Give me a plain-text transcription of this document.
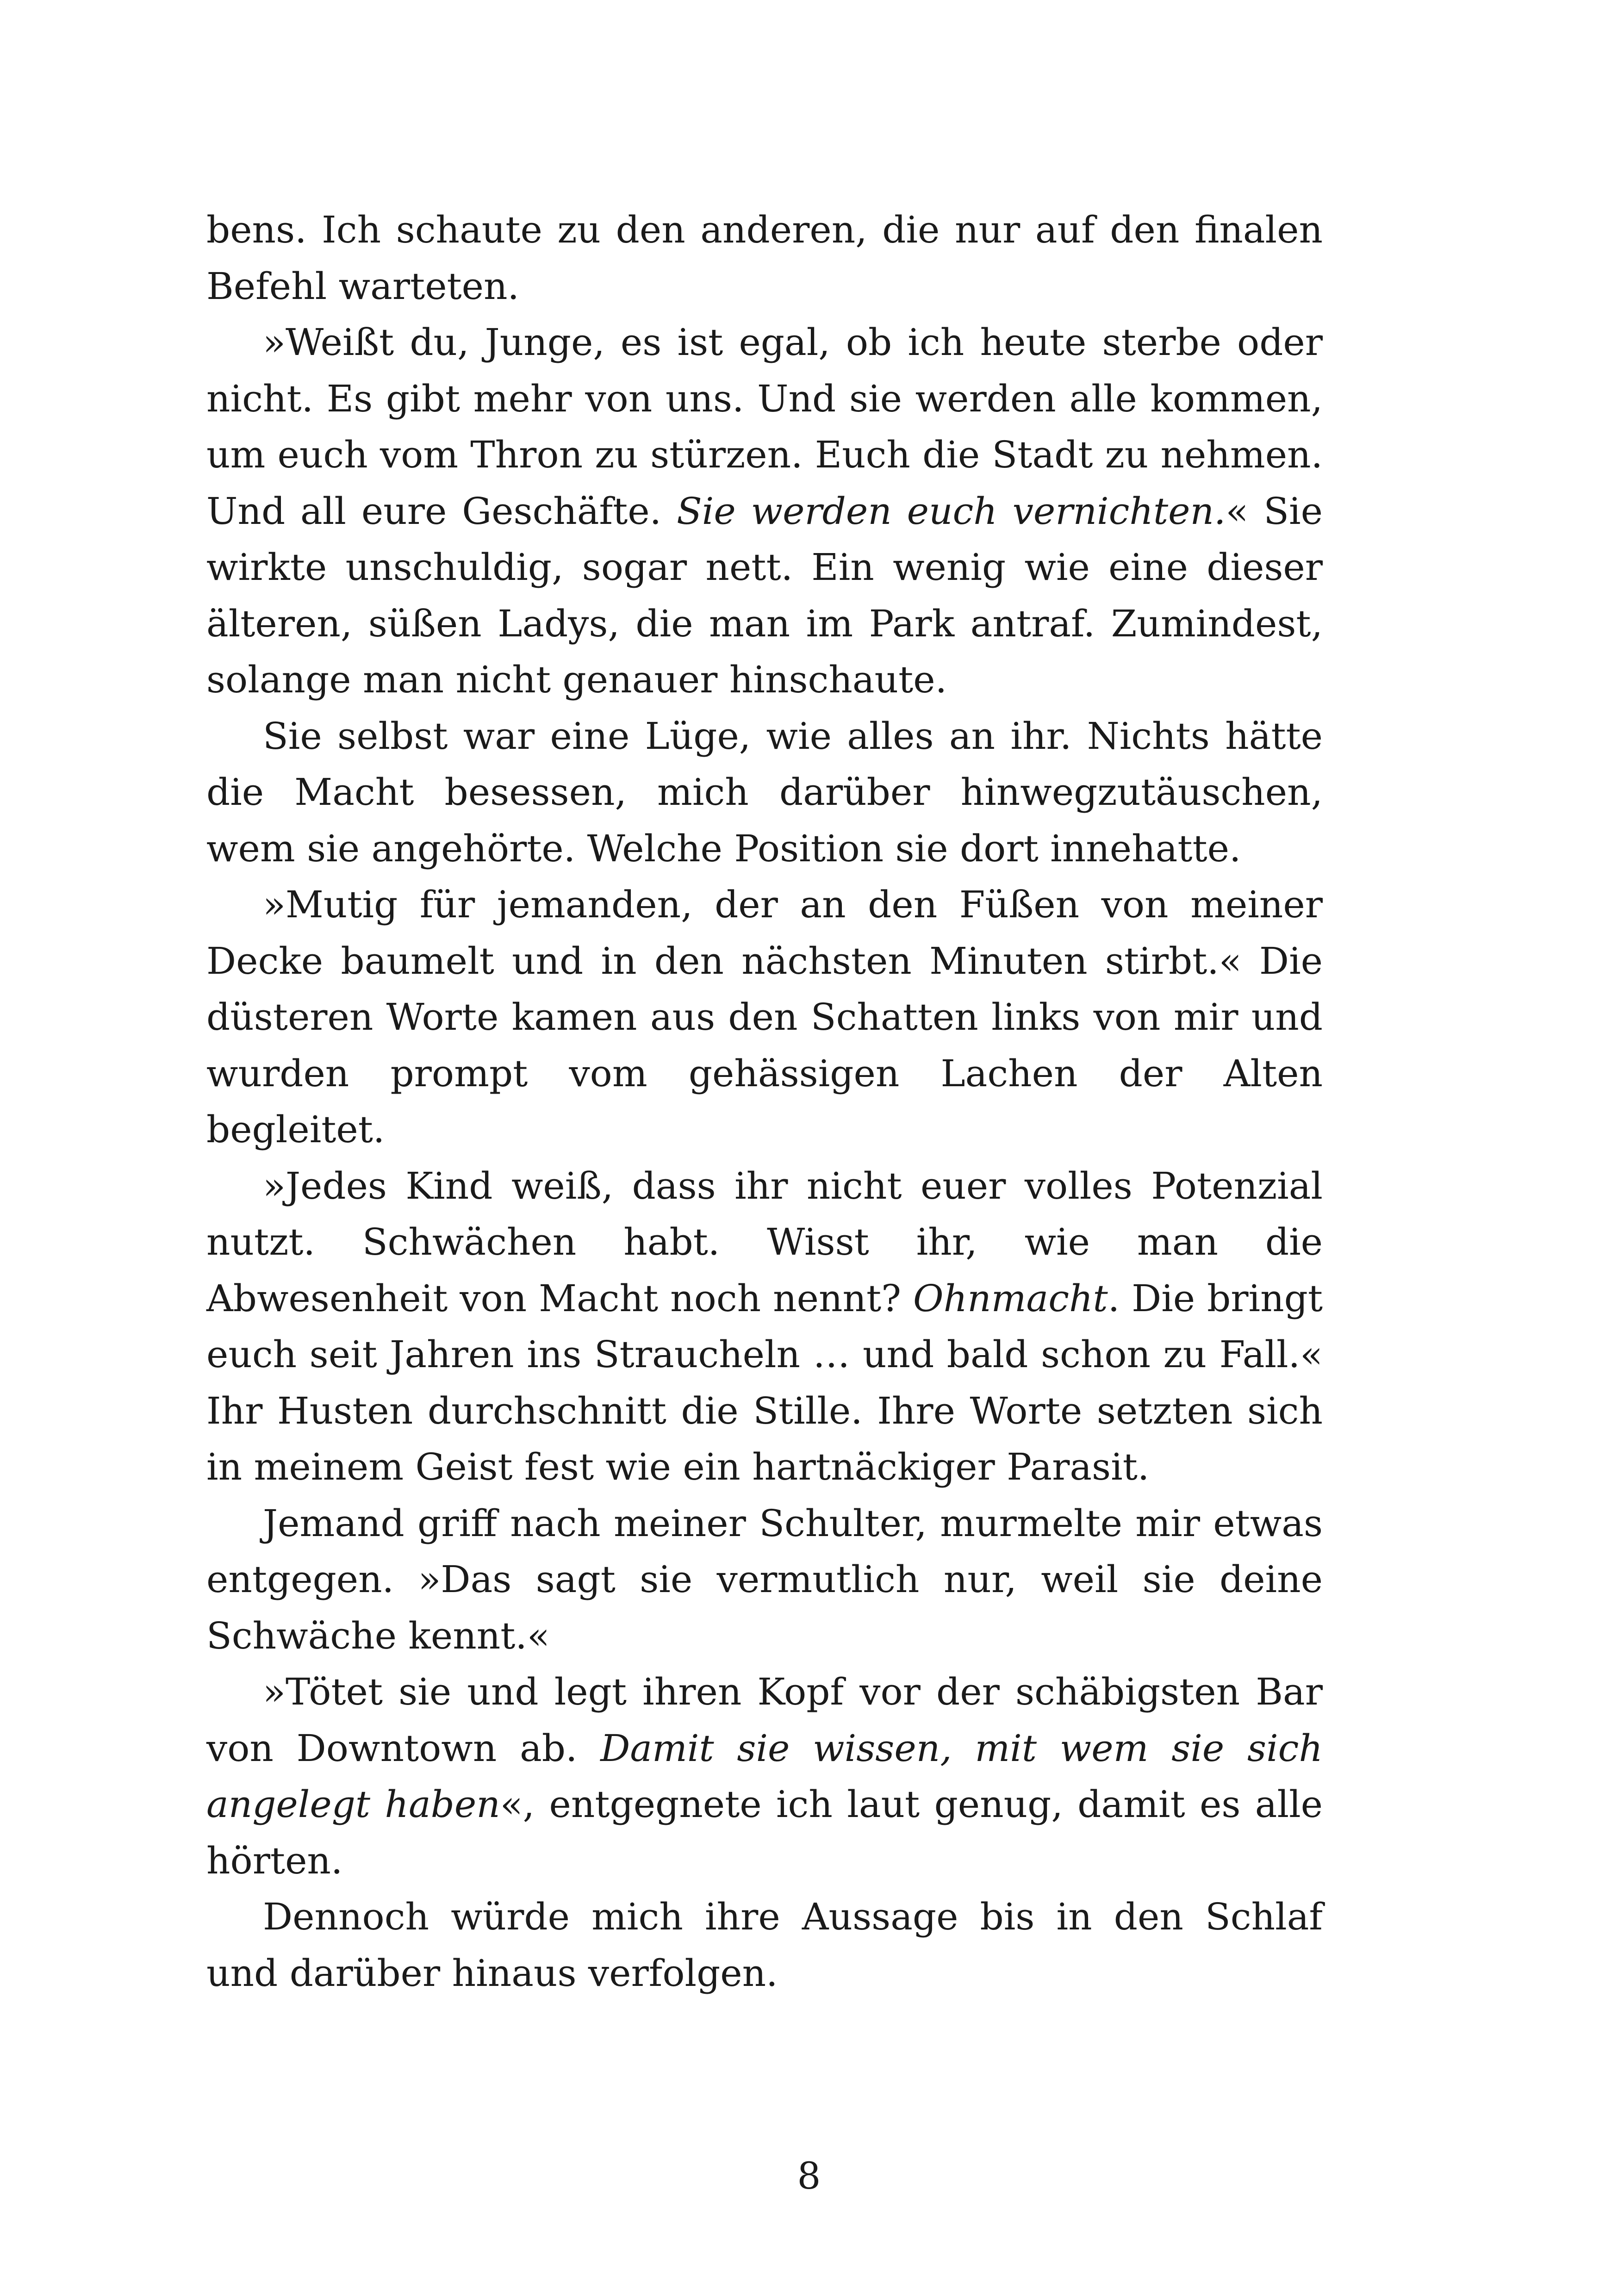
bens. Ich schaute zu den anderen, die nur auf den finalen Befehl warteten.

»Weißt du, Junge, es ist egal, ob ich heute sterbe oder nicht. Es gibt mehr von uns. Und sie werden alle kommen, um euch vom Thron zu stürzen. Euch die Stadt zu nehmen. Und all eure Geschäfte. Sie werden euch vernichten.« Sie wirkte unschuldig, sogar nett. Ein wenig wie eine dieser älteren, süßen Ladys, die man im Park antraf. Zumindest, solange man nicht genauer hinschaute.

Sie selbst war eine Lüge, wie alles an ihr. Nichts hätte die Macht besessen, mich darüber hinwegzutäuschen, wem sie angehörte. Welche Position sie dort innehatte.

»Mutig für jemanden, der an den Füßen von meiner Decke baumelt und in den nächsten Minuten stirbt.« Die düsteren Worte kamen aus den Schatten links von mir und wurden prompt vom gehässigen Lachen der Alten begleitet.

»Jedes Kind weiß, dass ihr nicht euer volles Potenzial nutzt. Schwächen habt. Wisst ihr, wie man die Abwesenheit von Macht noch nennt? Ohnmacht. Die bringt euch seit Jahren ins Straucheln … und bald schon zu Fall.« Ihr Husten durchschnitt die Stille. Ihre Worte setzten sich in meinem Geist fest wie ein hartnäckiger Parasit.

Jemand griff nach meiner Schulter, murmelte mir etwas entgegen. »Das sagt sie vermutlich nur, weil sie deine Schwäche kennt.«

»Tötet sie und legt ihren Kopf vor der schäbigsten Bar von Downtown ab. Damit sie wissen, mit wem sie sich angelegt haben«, entgegnete ich laut genug, damit es alle hörten.

Dennoch würde mich ihre Aussage bis in den Schlaf und darüber hinaus verfolgen.

8
